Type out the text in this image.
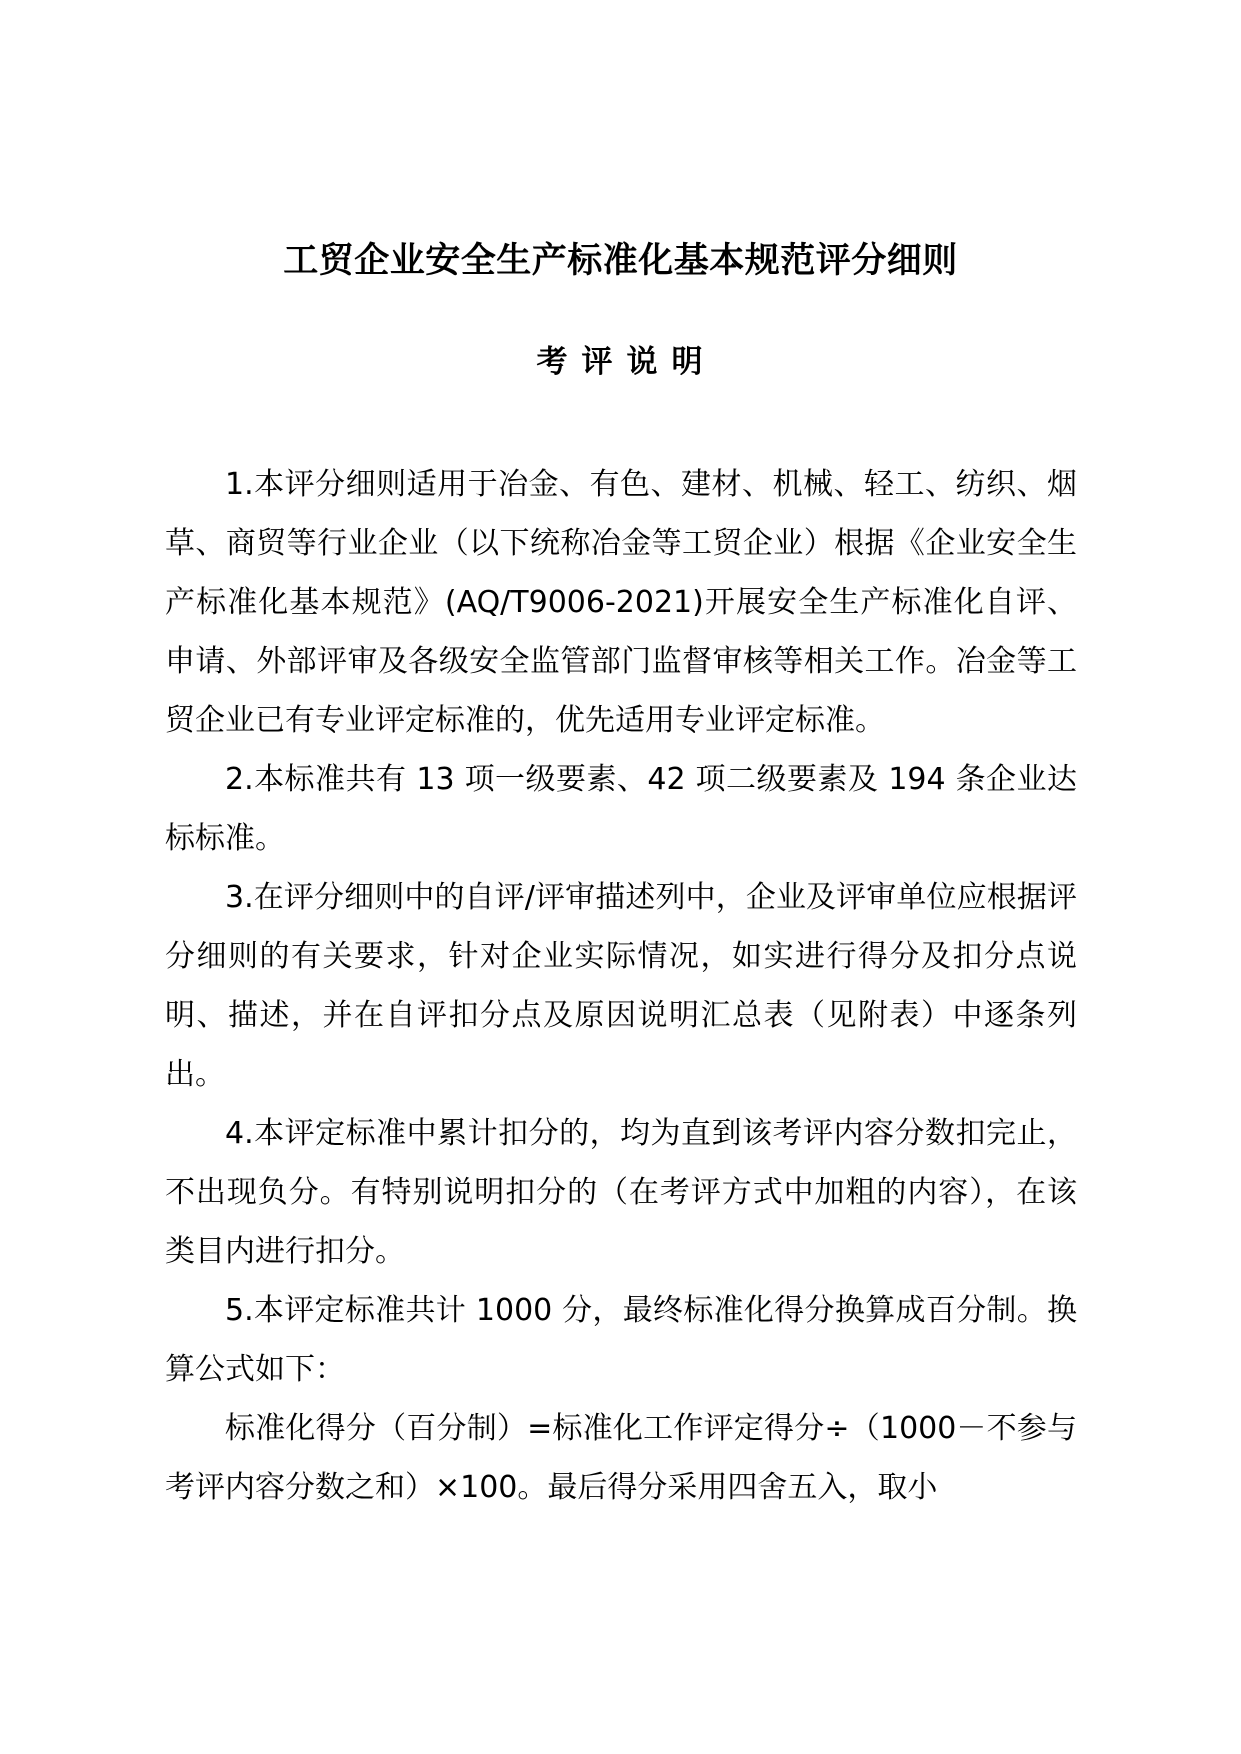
工贸企业安全生产标准化基本规范评分细则
考评说明

1.本评分细则适用于冶金、有色、建材、机械、轻工、纺织、烟草、商贸等行业企业（以下统称冶金等工贸企业）根据《企业安全生产标准化基本规范》(AQ/T9006-2021)开展安全生产标准化自评、申请、外部评审及各级安全监管部门监督审核等相关工作。冶金等工贸企业已有专业评定标准的，优先适用专业评定标准。

2.本标准共有 13 项一级要素、42 项二级要素及 194 条企业达标标准。

3.在评分细则中的自评/评审描述列中，企业及评审单位应根据评分细则的有关要求，针对企业实际情况，如实进行得分及扣分点说明、描述，并在自评扣分点及原因说明汇总表（见附表）中逐条列出。

4.本评定标准中累计扣分的，均为直到该考评内容分数扣完止，不出现负分。有特别说明扣分的（在考评方式中加粗的内容），在该类目内进行扣分。

5.本评定标准共计 1000 分，最终标准化得分换算成百分制。换算公式如下：

标准化得分（百分制）=标准化工作评定得分÷（1000－不参与考评内容分数之和）×100。最后得分采用四舍五入，取小
